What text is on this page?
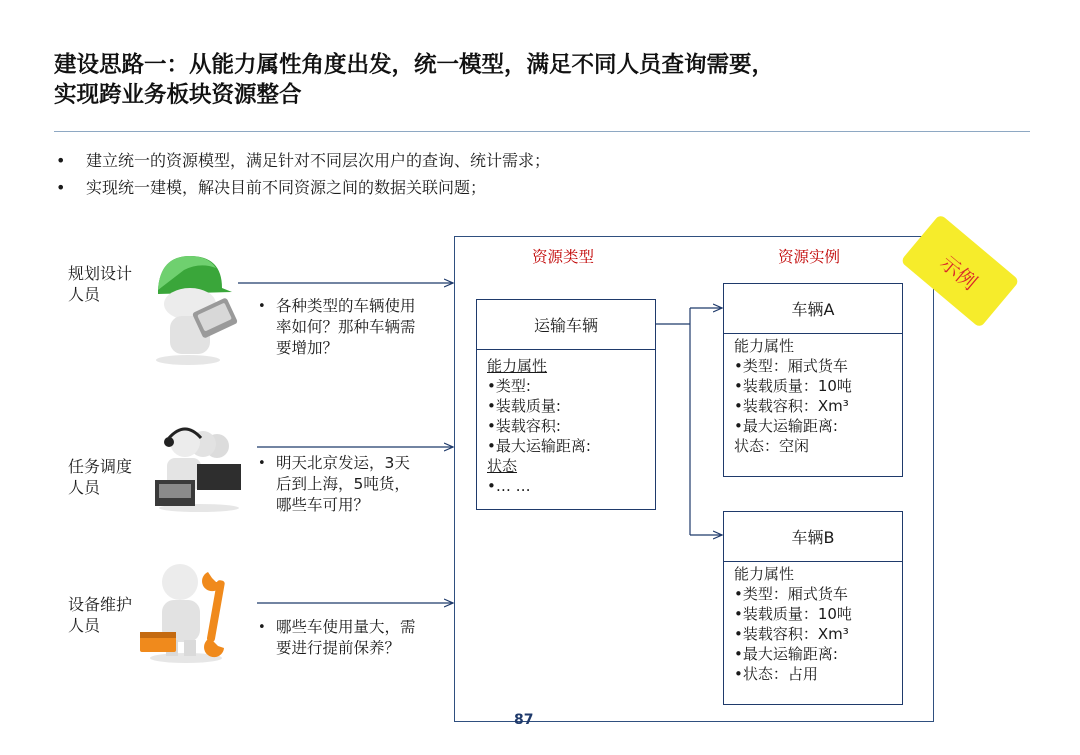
建设思路一：从能力属性角度出发，统一模型，满足不同人员查询需要，
实现跨业务板块资源整合
• 建立统一的资源模型，满足针对不同层次用户的查询、统计需求；
• 实现统一建模，解决目前不同资源之间的数据关联问题；
规划设计
人员
任务调度
人员
设备维护
人员
• 各种类型的车辆使用
率如何？那种车辆需
要增加？
• 明天北京发运，3天
后到上海，5吨货，
哪些车可用？
• 哪些车使用量大，需
要进行提前保养？
资源类型	资源实例
运输车辆
能力属性
•类型:
•装载质量:
•装载容积:
•最大运输距离:
状态
•… …
车辆A
能力属性
•类型：厢式货车
•装载质量：10吨
•装载容积：Xm³
•最大运输距离:
状态：空闲
车辆B
能力属性
•类型：厢式货车
•装载质量：10吨
•装载容积：Xm³
•最大运输距离:
•状态：占用
示例
87
